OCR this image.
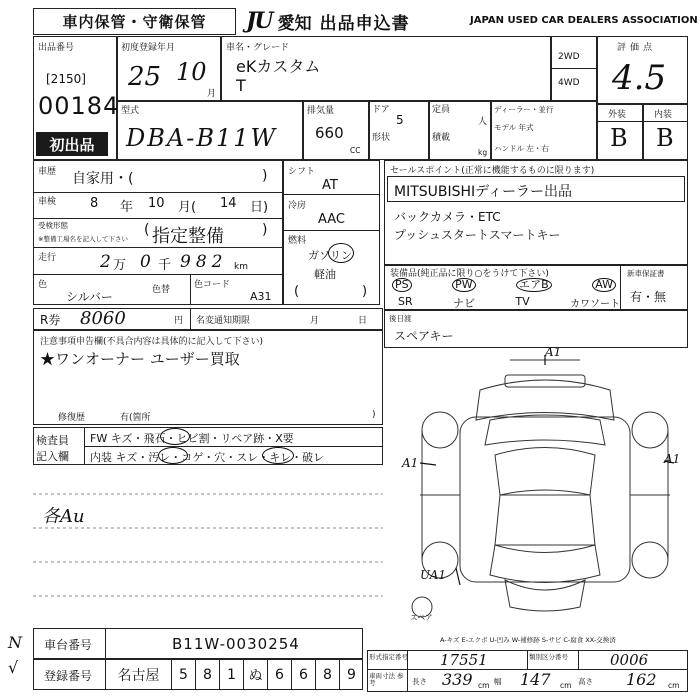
車内保管・守衛保管 JU 愛知 出品申込書	JAPAN USED CAR DEALERS ASSOCIATION
出品番号
[2150]
00184
初出品
初度登録年月
25 10
月
車名・グレード
eKカスタム
T
2WD
4WD
評価点
4.5
外装	内装
B B
型式
DBA-B11W
排気量
660
CC
ドア
5
形状
定員
人
積載
kg
ディーラー・並行
モデル 年式
ハンドル 左・右
車歴 自家用・(	)
車検	8 年 10 月( 14 日)
受検形態
※整備工場名を記入して下さい 指定整備
(	)
走行	2 万 0 千 982 km
色
シルバー	色替	色コード
A31
シフト
AT
冷房
AAC
燃料
ガソリン
軽油
(	)
セールスポイント(正常に機能するものに限ります)
MITSUBISHIディーラー出品
バックカメラ・ETC
プッシュスタートスマートキー
装備品(純正品に限り○をうけて下さい)
PS	PW	エアB	AW
SR	ナビ	TV	カワソート
新車保証書
有・無
R券 8060	円 名変通知期限	月	日	後日渡
スペアキー
注意事項申告欄(不具合内容は具体的に記入して下さい)
★ワンオーナー ユーザー買取
修復歴	有(箇所	)
検査員
記入欄
FW キズ・飛石・ヒビ割・リペア跡・X要
内装 キズ・汚レ・コゲ・穴・スレ・キレ・破レ
各Au
A1
A1	A1
UA1
スペア
A-キズ E-エクボ U-凹み W-補修跡 S-サビ C-腐食 XX-交換済
N
√
車台番号	B11W-0030254
登録番号	名古屋	5	8	1 ぬ 6	6	8	9
形式指定番号 17551	類別区分番号	0006
車両寸法 参考	長さ 339 cm 幅 147 cm 高さ 162 cm
